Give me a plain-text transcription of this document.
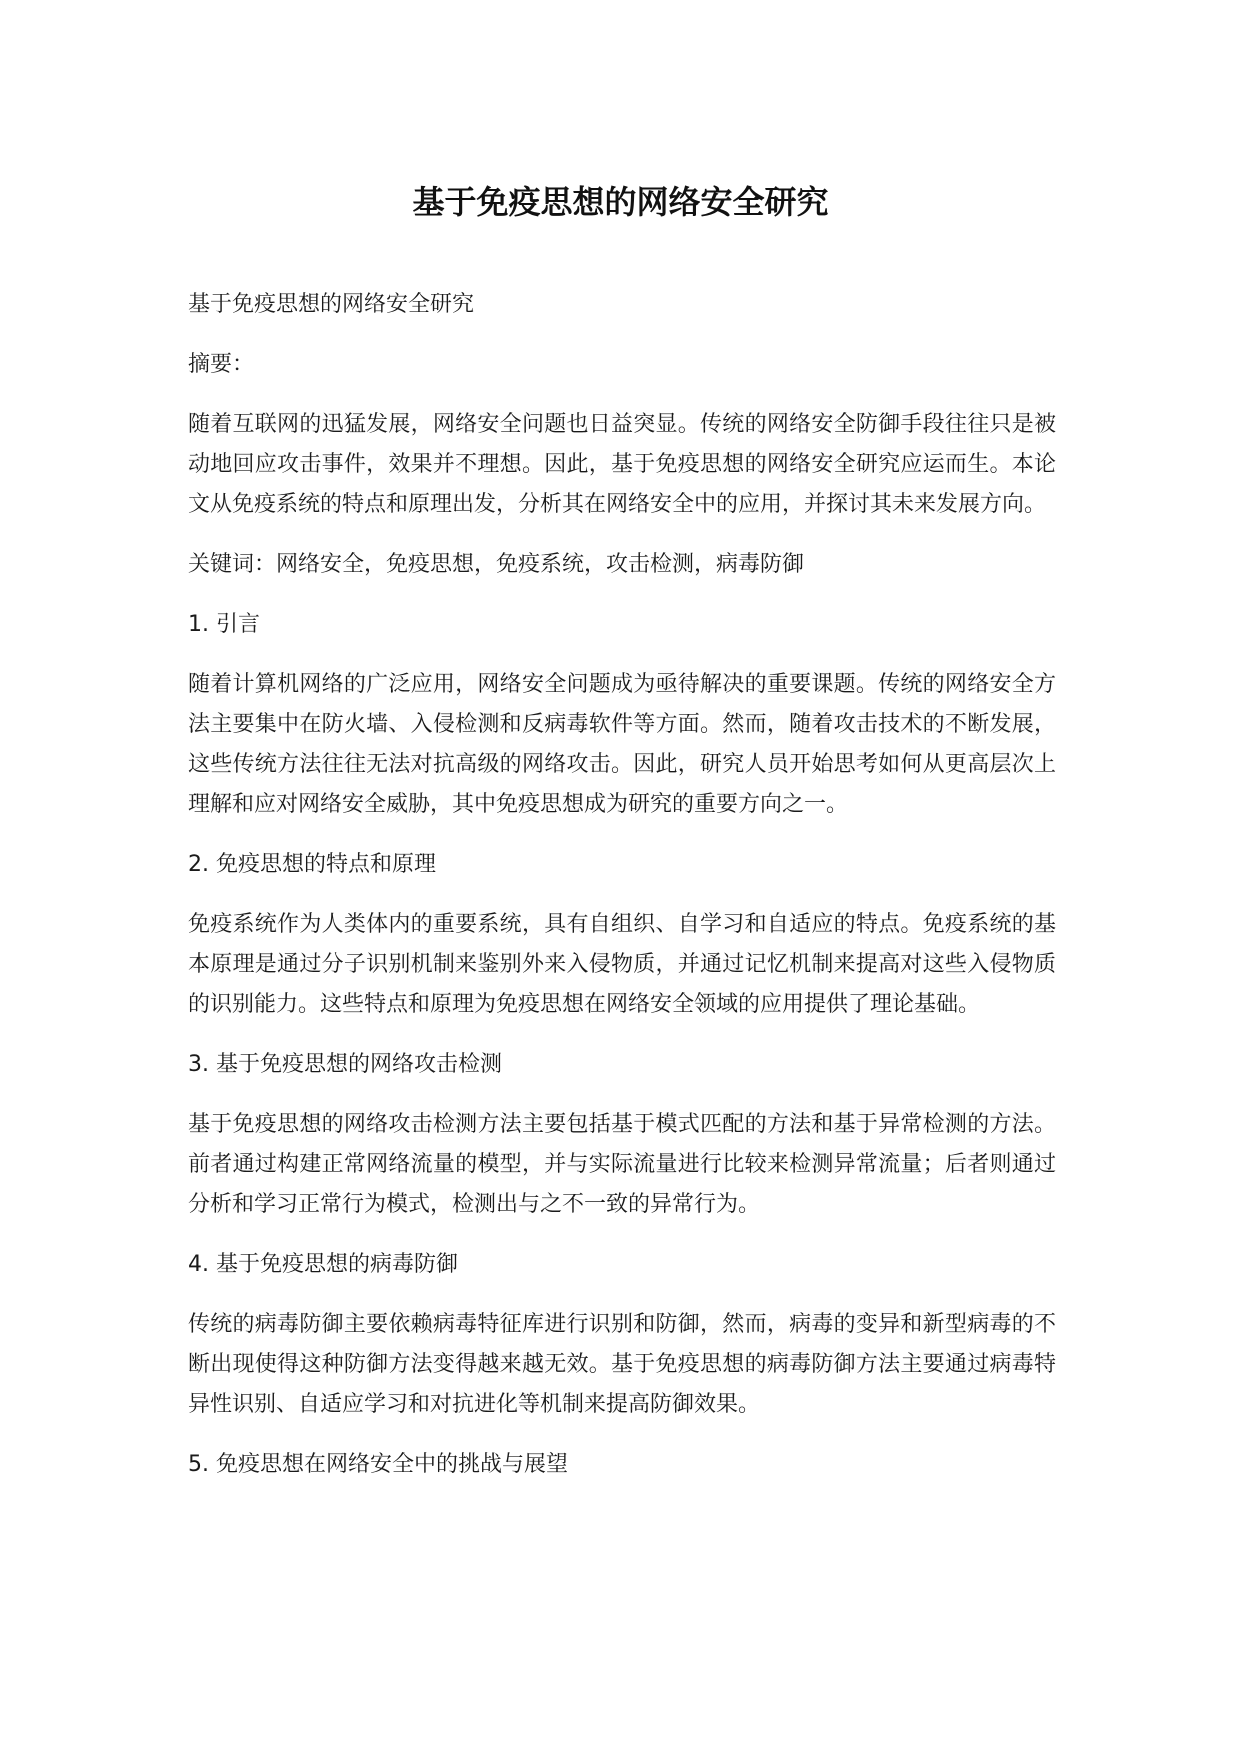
基于免疫思想的网络安全研究

基于免疫思想的网络安全研究

摘要：

随着互联网的迅猛发展，网络安全问题也日益突显。传统的网络安全防御手段往往只是被动地回应攻击事件，效果并不理想。因此，基于免疫思想的网络安全研究应运而生。本论文从免疫系统的特点和原理出发，分析其在网络安全中的应用，并探讨其未来发展方向。

关键词：网络安全，免疫思想，免疫系统，攻击检测，病毒防御

1. 引言

随着计算机网络的广泛应用，网络安全问题成为亟待解决的重要课题。传统的网络安全方法主要集中在防火墙、入侵检测和反病毒软件等方面。然而，随着攻击技术的不断发展，这些传统方法往往无法对抗高级的网络攻击。因此，研究人员开始思考如何从更高层次上理解和应对网络安全威胁，其中免疫思想成为研究的重要方向之一。

2. 免疫思想的特点和原理

免疫系统作为人类体内的重要系统，具有自组织、自学习和自适应的特点。免疫系统的基本原理是通过分子识别机制来鉴别外来入侵物质，并通过记忆机制来提高对这些入侵物质的识别能力。这些特点和原理为免疫思想在网络安全领域的应用提供了理论基础。

3. 基于免疫思想的网络攻击检测

基于免疫思想的网络攻击检测方法主要包括基于模式匹配的方法和基于异常检测的方法。前者通过构建正常网络流量的模型，并与实际流量进行比较来检测异常流量；后者则通过分析和学习正常行为模式，检测出与之不一致的异常行为。

4. 基于免疫思想的病毒防御

传统的病毒防御主要依赖病毒特征库进行识别和防御，然而，病毒的变异和新型病毒的不断出现使得这种防御方法变得越来越无效。基于免疫思想的病毒防御方法主要通过病毒特异性识别、自适应学习和对抗进化等机制来提高防御效果。

5. 免疫思想在网络安全中的挑战与展望
